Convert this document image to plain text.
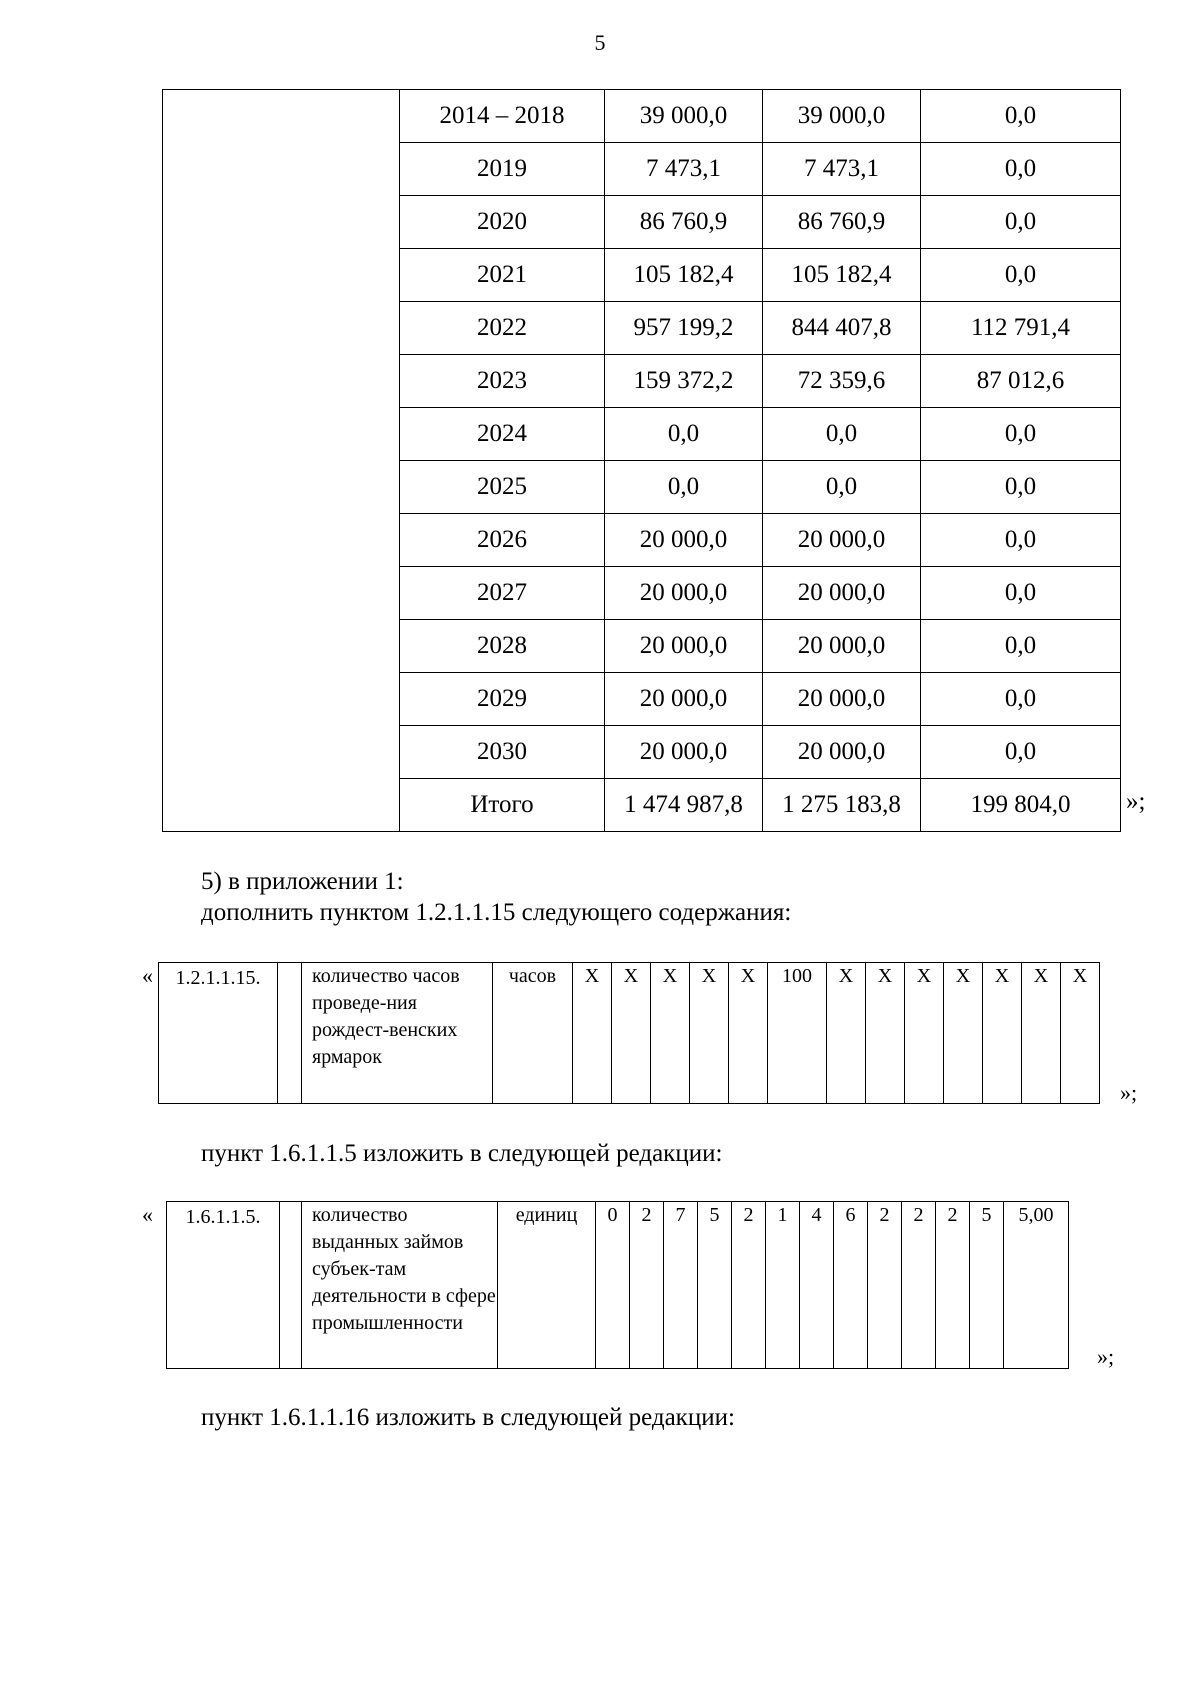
5
	2014 – 2018	39 000,0	39 000,0	0,0
	2019	7 473,1	7 473,1	0,0
	2020	86 760,9	86 760,9	0,0
	2021	105 182,4	105 182,4	0,0
	2022	957 199,2	844 407,8	112 791,4
	2023	159 372,2	72 359,6	87 012,6
	2024	0,0	0,0	0,0
	2025	0,0	0,0	0,0
	2026	20 000,0	20 000,0	0,0
	2027	20 000,0	20 000,0	0,0
	2028	20 000,0	20 000,0	0,0
	2029	20 000,0	20 000,0	0,0
	2030	20 000,0	20 000,0	0,0
	Итого	1 474 987,8	1 275 183,8	199 804,0 »;
5) в приложении 1:
дополнить пунктом 1.2.1.1.15 следующего содержания:
« 1.2.1.1.15.		количество часов проведе-ния рождест-венских ярмарок	часов	Х	Х	Х	Х	Х	100	Х	Х	Х	Х	Х	Х	Х
»;
пункт 1.6.1.1.5 изложить в следующей редакции:
« 1.6.1.1.5.		количество выданных займов субъек-там деятельности в сфере промышленности	единиц	0	2	7	5	2	1	4	6	2	2	2	5	5,00
»;
пункт 1.6.1.1.16 изложить в следующей редакции:
